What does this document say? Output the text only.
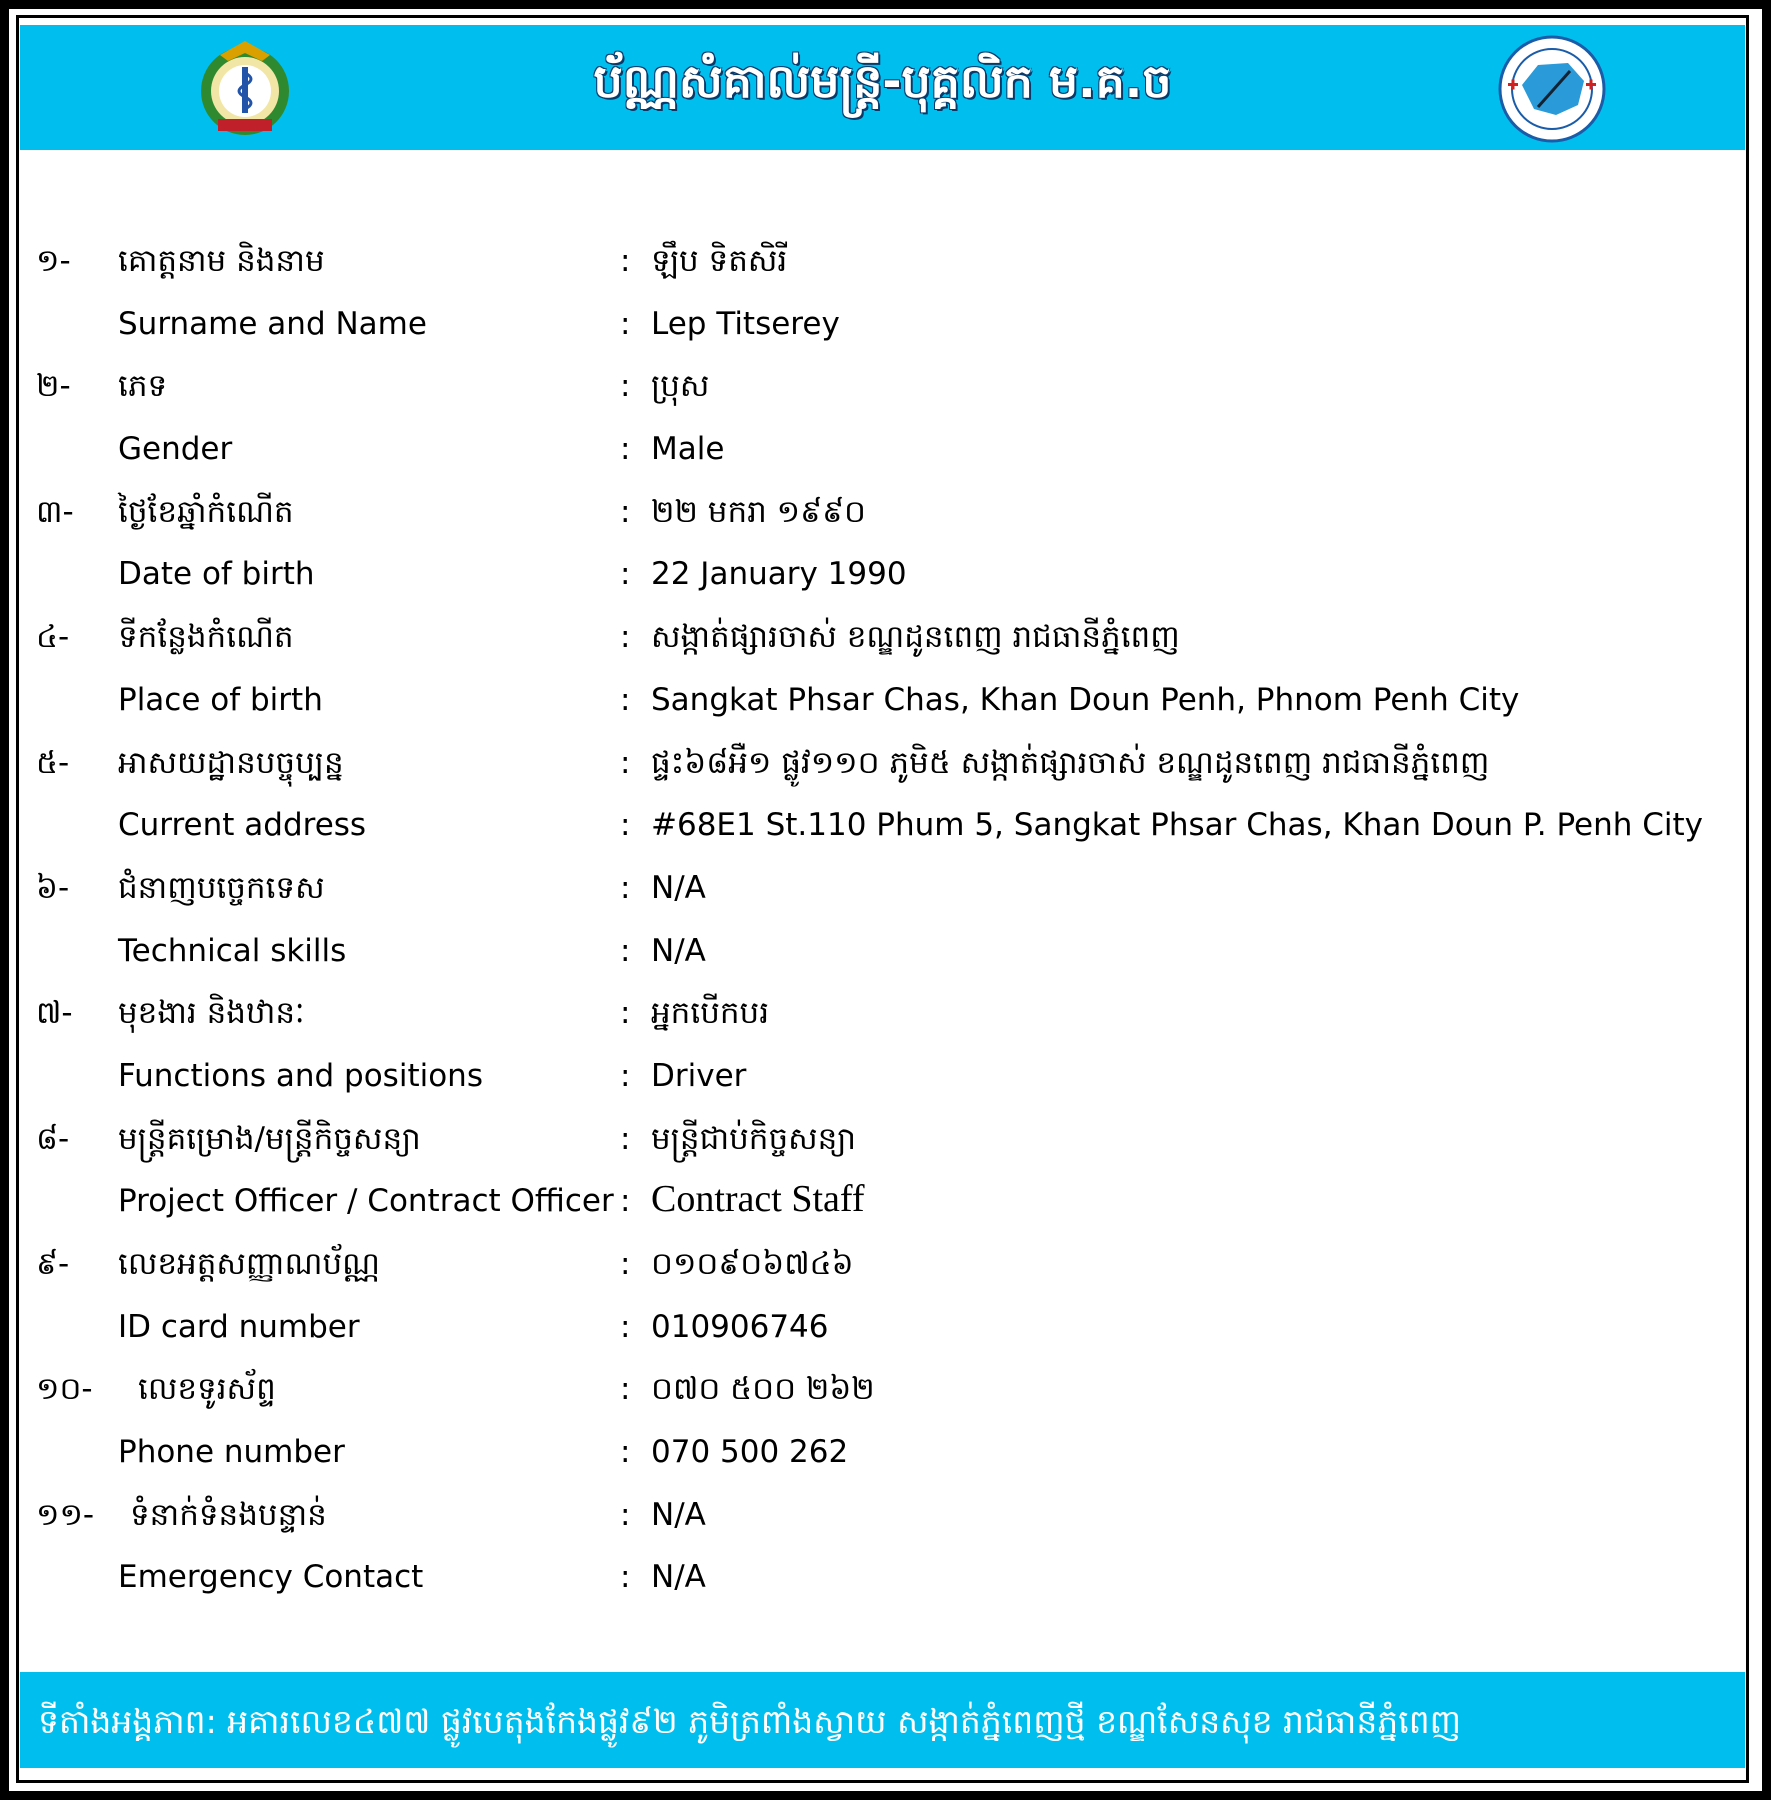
ប័ណ្ណសំគាល់មន្ត្រី-បុគ្គលិក ម.គ.ច
១- គោត្តនាម និងនាម	: ឡឹប ទិតសិរី
Surname and Name	: Lep Titserey
២- ភេទ	: ប្រុស
Gender	: Male
៣- ថ្ងៃខែឆ្នាំកំណើត	: ២២ មករា ១៩៩០
Date of birth	: 22 January 1990
៤- ទីកន្លែងកំណើត	: សង្កាត់ផ្សារចាស់ ខណ្ឌដូនពេញ រាជធានីភ្នំពេញ
Place of birth	: Sangkat Phsar Chas, Khan Doun Penh, Phnom Penh City
៥- អាសយដ្ឋានបច្ចុប្បន្ន	: ផ្ទះ៦៨អឺ១ ផ្លូវ១១០ ភូមិ៥ សង្កាត់ផ្សារចាស់ ខណ្ឌដូនពេញ រាជធានីភ្នំពេញ
Current address	: #68E1 St.110 Phum 5, Sangkat Phsar Chas, Khan Doun P. Penh City
៦- ជំនាញបច្ចេកទេស	: N/A
Technical skills	: N/A
៧- មុខងារ និងឋានៈ	: អ្នកបើកបរ
Functions and positions	: Driver
៨- មន្ត្រីគម្រោង/មន្ត្រីកិច្ចសន្យា	: មន្ត្រីជាប់កិច្ចសន្យា
Project Officer / Contract Officer : Contract Staff
៩- លេខអត្តសញ្ញាណប័ណ្ណ	: ០១០៩០៦៧៤៦
ID card number	: 010906746
១០- លេខទូរស័ព្ទ	: ០៧០ ៥០០ ២៦២
Phone number	: 070 500 262
១១- ទំនាក់ទំនងបន្ទាន់	: N/A
Emergency Contact	: N/A
ទីតាំងអង្គភាព: អគារលេខ៤៧៧ ផ្លូវបេតុងកែងផ្លូវ៩២ ភូមិត្រពាំងស្វាយ សង្កាត់ភ្នំពេញថ្មី ខណ្ឌសែនសុខ រាជធានីភ្នំពេញ
